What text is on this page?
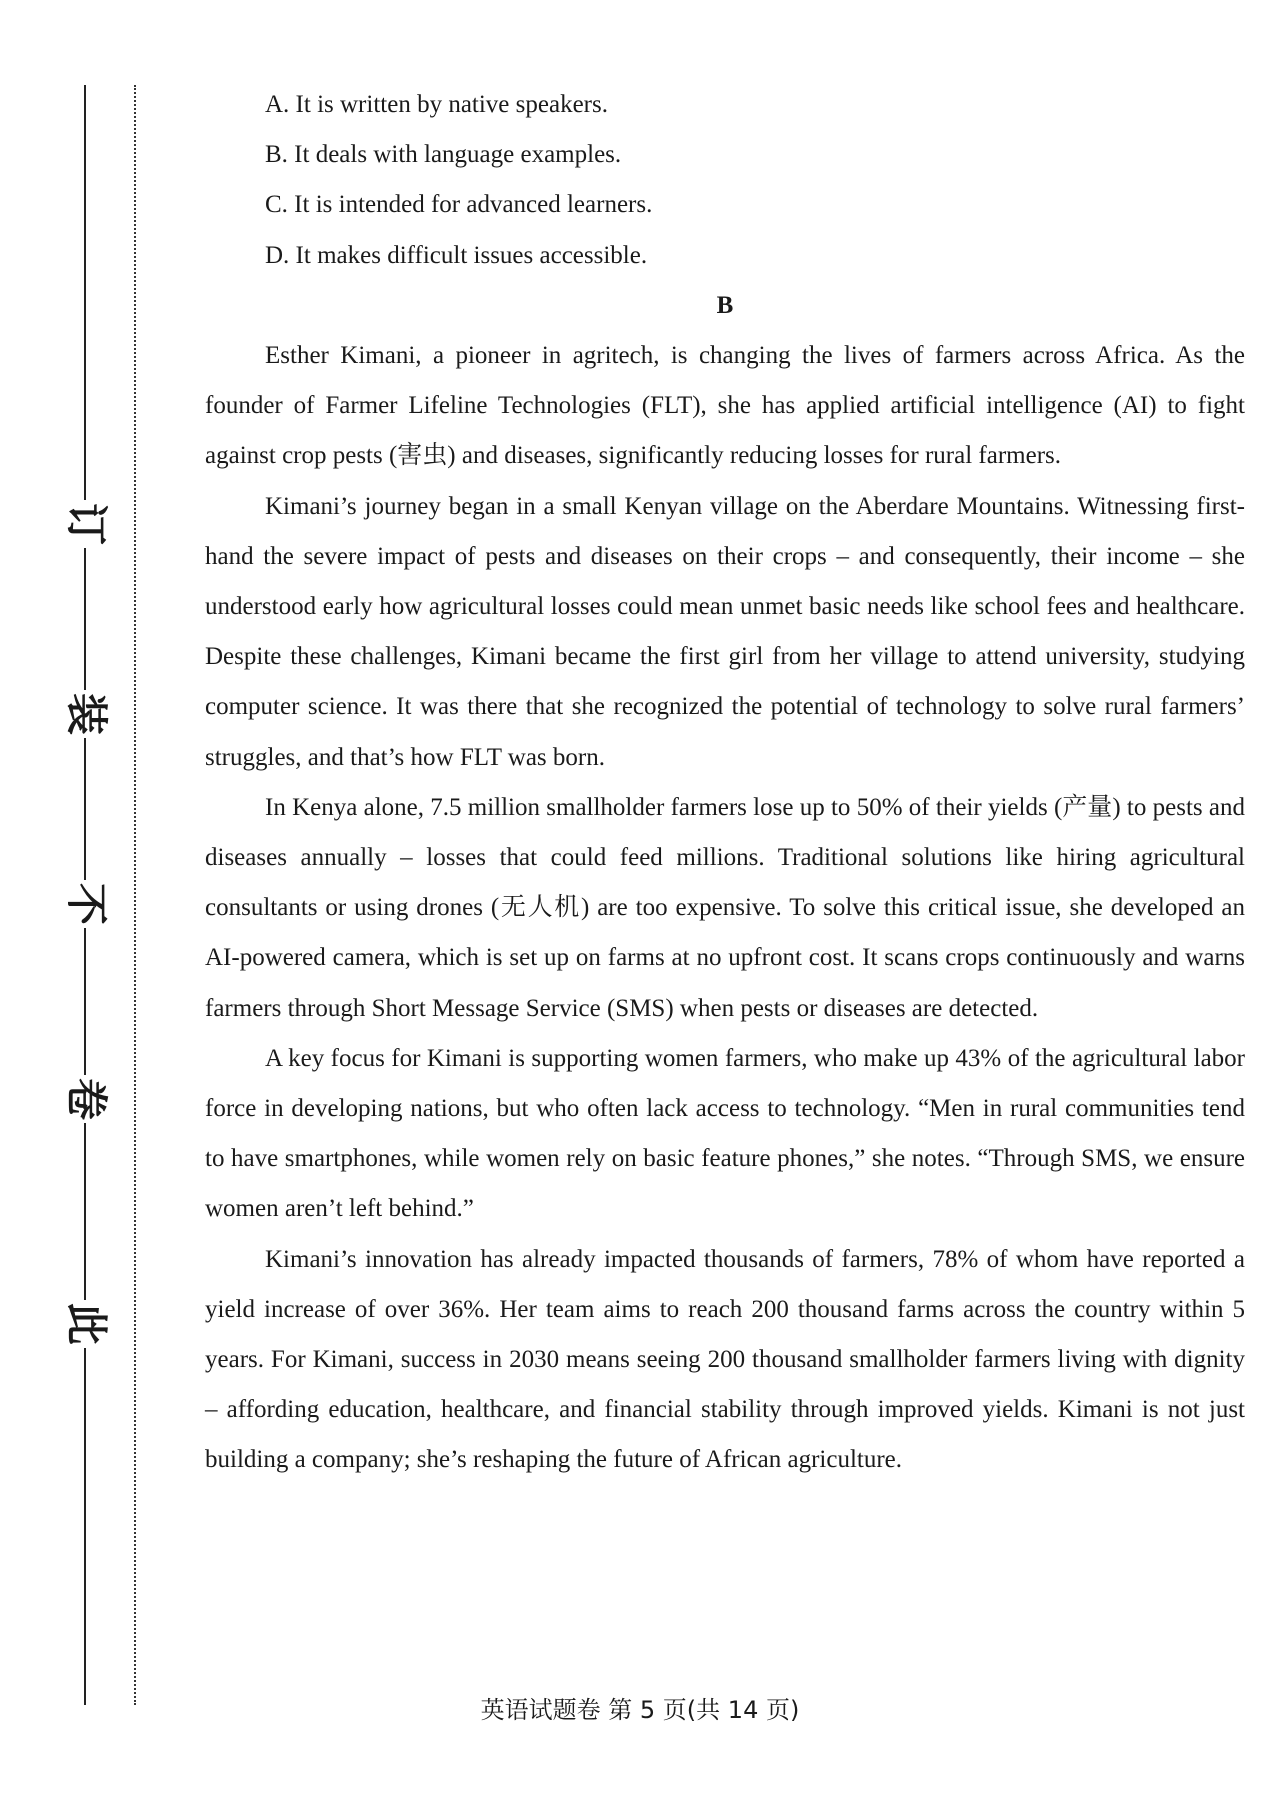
订
装
不
卷
此

A. It is written by native speakers.

B. It deals with language examples.

C. It is intended for advanced learners.

D. It makes difficult issues accessible.

B

Esther Kimani, a pioneer in agritech, is changing the lives of farmers across Africa. As the founder of Farmer Lifeline Technologies (FLT), she has applied artificial intelligence (AI) to fight against crop pests (害虫) and diseases, significantly reducing losses for rural farmers.

Kimani’s journey began in a small Kenyan village on the Aberdare Mountains. Witnessing first-hand the severe impact of pests and diseases on their crops – and consequently, their income – she understood early how agricultural losses could mean unmet basic needs like school fees and healthcare. Despite these challenges, Kimani became the first girl from her village to attend university, studying computer science. It was there that she recognized the potential of technology to solve rural farmers’ struggles, and that’s how FLT was born.

In Kenya alone, 7.5 million smallholder farmers lose up to 50% of their yields (产量) to pests and diseases annually – losses that could feed millions. Traditional solutions like hiring agricultural consultants or using drones (无人机) are too expensive. To solve this critical issue, she developed an AI-powered camera, which is set up on farms at no upfront cost. It scans crops continuously and warns farmers through Short Message Service (SMS) when pests or diseases are detected.

A key focus for Kimani is supporting women farmers, who make up 43% of the agricultural labor force in developing nations, but who often lack access to technology. “Men in rural communities tend to have smartphones, while women rely on basic feature phones,” she notes. “Through SMS, we ensure women aren’t left behind.”

Kimani’s innovation has already impacted thousands of farmers, 78% of whom have reported a yield increase of over 36%. Her team aims to reach 200 thousand farms across the country within 5 years. For Kimani, success in 2030 means seeing 200 thousand smallholder farmers living with dignity – affording education, healthcare, and financial stability through improved yields. Kimani is not just building a company; she’s reshaping the future of African agriculture.

英语试题卷 第 5 页(共 14 页)
